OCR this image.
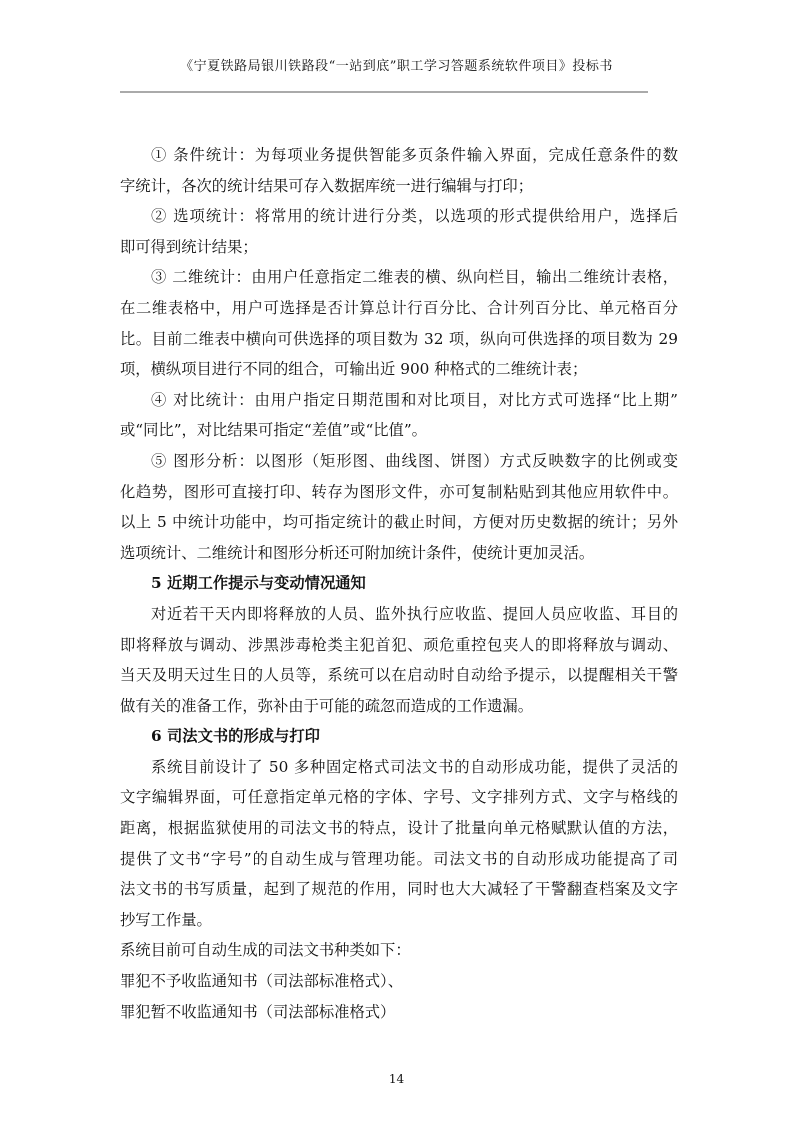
《宁夏铁路局银川铁路段“一站到底”职工学习答题系统软件项目》投标书
① 条件统计：为每项业务提供智能多页条件输入界面，完成任意条件的数
字统计，各次的统计结果可存入数据库统一进行编辑与打印；
② 选项统计：将常用的统计进行分类，以选项的形式提供给用户，选择后
即可得到统计结果；
③ 二维统计：由用户任意指定二维表的横、纵向栏目，输出二维统计表格，
在二维表格中，用户可选择是否计算总计行百分比、合计列百分比、单元格百分
比。目前二维表中横向可供选择的项目数为 32 项，纵向可供选择的项目数为 29
项，横纵项目进行不同的组合，可输出近 900 种格式的二维统计表；
④ 对比统计：由用户指定日期范围和对比项目，对比方式可选择“比上期”
或“同比”，对比结果可指定“差值”或“比值”。
⑤ 图形分析：以图形（矩形图、曲线图、饼图）方式反映数字的比例或变
化趋势，图形可直接打印、转存为图形文件，亦可复制粘贴到其他应用软件中。
以上 5 中统计功能中，均可指定统计的截止时间，方便对历史数据的统计；另外
选项统计、二维统计和图形分析还可附加统计条件，使统计更加灵活。
5 近期工作提示与变动情况通知
对近若干天内即将释放的人员、监外执行应收监、提回人员应收监、耳目的
即将释放与调动、涉黑涉毒枪类主犯首犯、顽危重控包夹人的即将释放与调动、
当天及明天过生日的人员等，系统可以在启动时自动给予提示，以提醒相关干警
做有关的准备工作，弥补由于可能的疏忽而造成的工作遗漏。
6 司法文书的形成与打印
系统目前设计了 50 多种固定格式司法文书的自动形成功能，提供了灵活的
文字编辑界面，可任意指定单元格的字体、字号、文字排列方式、文字与格线的
距离，根据监狱使用的司法文书的特点，设计了批量向单元格赋默认值的方法，
提供了文书“字号”的自动生成与管理功能。司法文书的自动形成功能提高了司
法文书的书写质量，起到了规范的作用，同时也大大减轻了干警翻查档案及文字
抄写工作量。
系统目前可自动生成的司法文书种类如下：
罪犯不予收监通知书（司法部标准格式）、
罪犯暂不收监通知书（司法部标准格式）
14
